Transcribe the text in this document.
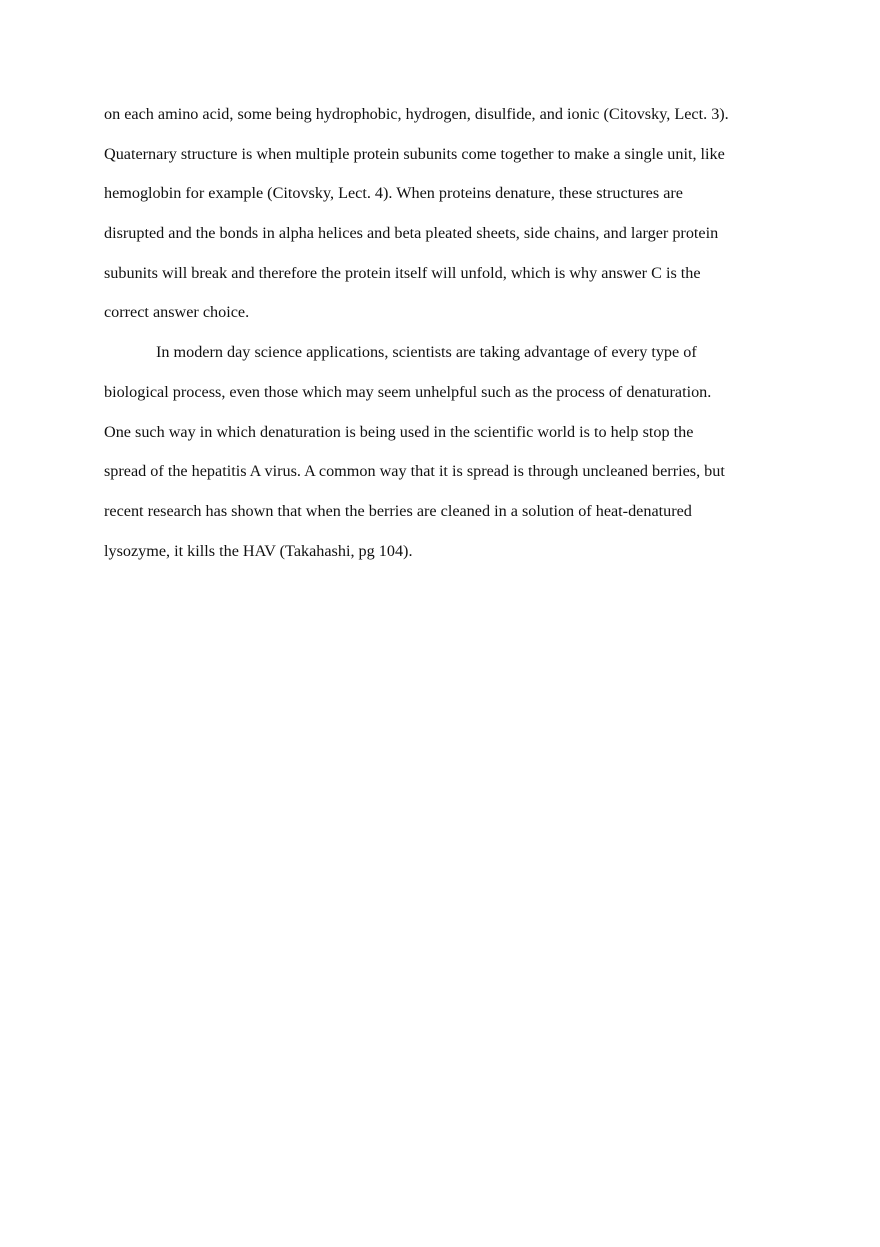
on each amino acid, some being hydrophobic, hydrogen, disulfide, and ionic (Citovsky, Lect. 3).
Quaternary structure is when multiple protein subunits come together to make a single unit, like
hemoglobin for example (Citovsky, Lect. 4). When proteins denature, these structures are
disrupted and the bonds in alpha helices and beta pleated sheets, side chains, and larger protein
subunits will break and therefore the protein itself will unfold, which is why answer C is the
correct answer choice.
In modern day science applications, scientists are taking advantage of every type of
biological process, even those which may seem unhelpful such as the process of denaturation.
One such way in which denaturation is being used in the scientific world is to help stop the
spread of the hepatitis A virus. A common way that it is spread is through uncleaned berries, but
recent research has shown that when the berries are cleaned in a solution of heat-denatured
lysozyme, it kills the HAV (Takahashi, pg 104).
